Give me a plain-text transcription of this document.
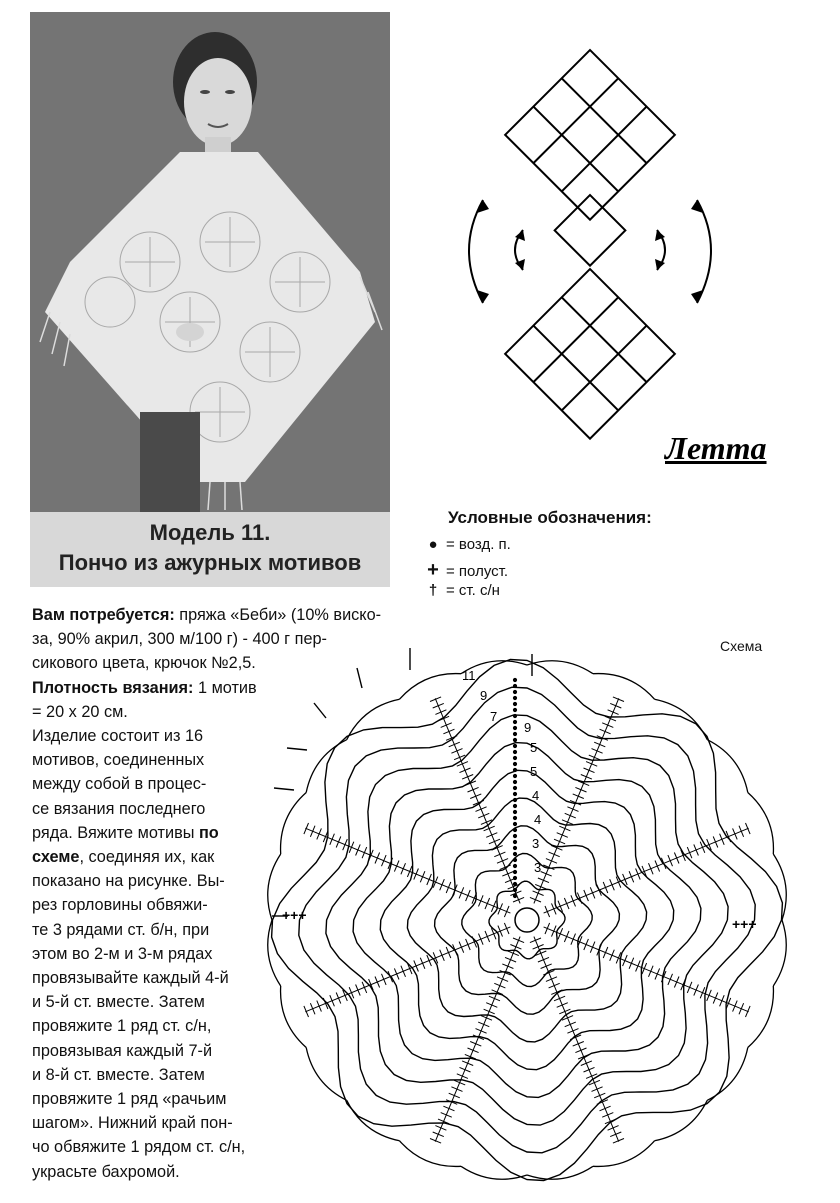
Модель 11.
Пончо из ажурных мотивов
Летта
Условные обозначения:
● = возд. п.
+ = полуст.
† = ст. с/н
Вам потребуется: пряжа «Беби» (10% виско-
за, 90% акрил, 300 м/100 г) - 400 г пер-
сикового цвета, крючок №2,5.
Плотность вязания: 1 мотив
= 20 х 20 см.
Изделие состоит из 16
мотивов, соединенных
между собой в процес-
се вязания последнего
ряда. Вяжите мотивы по
схеме, соединяя их, как
показано на рисунке. Вы-
рез горловины обвяжи-
те 3 рядами ст. б/н, при
этом во 2-м и 3-м рядах
провязывайте каждый 4-й
и 5-й ст. вместе. Затем
провяжите 1 ряд ст. с/н,
провязывая каждый 7-й
и 8-й ст. вместе. Затем
провяжите 1 ряд «рачьим
шагом». Нижний край пон-
чо обвяжите 1 рядом ст. с/н,
украсьте бахромой.
Схема
11
9
7
9
5
5
4
4
3
3
+++
+++
